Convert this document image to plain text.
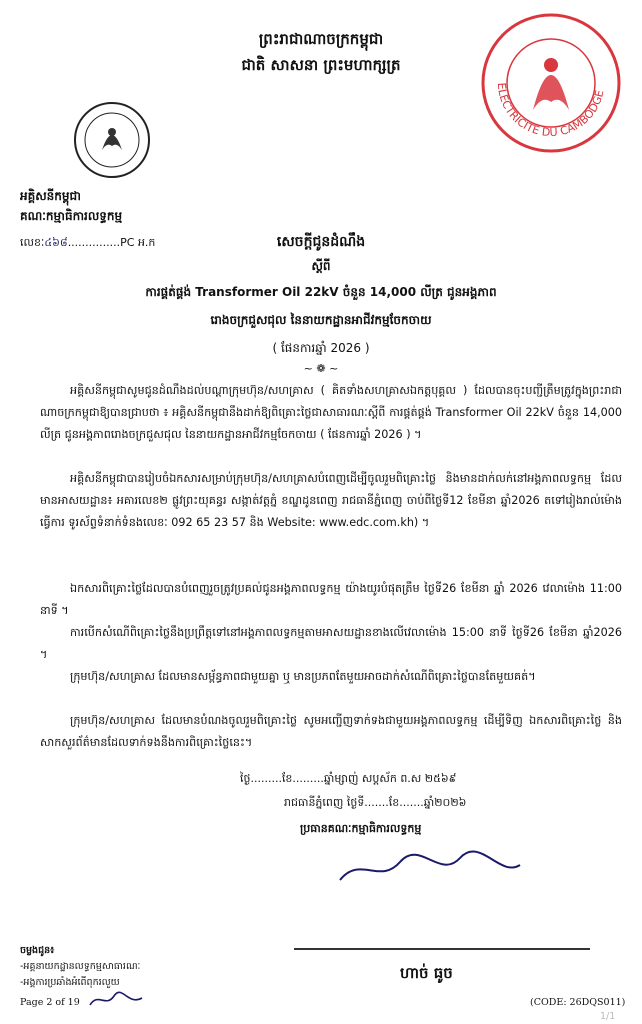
ព្រះរាជាណាចក្រកម្ពុជា
ជាតិ សាសនា ព្រះមហាក្សត្រ
ELECTRICITE DU CAMBODGE
អគ្គិសនីកម្ពុជា
គណៈកម្មាធិការលទ្ធកម្ម
លេខៈ៤៦៨...............PC អ.ក	សេចក្តីជូនដំណឹង
ស្តីពី
ការផ្គត់ផ្គង់ Transformer Oil 22kV ចំនួន 14,000 លីត្រ ជូនអង្គភាព
រោងចក្រជួសជុល នៃនាយកដ្ឋានអាជីវកម្មចែកចាយ
( ផែនការឆ្នាំ 2026 )
~ ❁ ~
អគ្គិសនីកម្ពុជាសូមជូនដំណឹងដល់បណ្តាក្រុមហ៊ុន/សហគ្រាស ( គិតទាំងសហគ្រាសឯកត្តបុគ្គល ) ដែលបានចុះបញ្ជីត្រឹមត្រូវក្នុងព្រះរាជាណាចក្រកម្ពុជាឱ្យបានជ្រាបថា ៖ អគ្គិសនីកម្ពុជានឹងដាក់ឱ្យពិគ្រោះថ្លៃជាសាធារណៈស្តីពី ការផ្គត់ផ្គង់ Transformer Oil 22kV ចំនួន 14,000 លីត្រ ជូនអង្គភាពរោងចក្រជួសជុល នៃនាយកដ្ឋានអាជីវកម្មចែកចាយ ( ផែនការឆ្នាំ 2026 ) ។
អគ្គិសនីកម្ពុជាបានរៀបចំឯកសារសម្រាប់ក្រុមហ៊ុន/សហគ្រាសបំពេញដើម្បីចូលរួមពិគ្រោះថ្លៃ និងមានដាក់លក់នៅអង្គភាពលទ្ធកម្ម ដែលមានអាសយដ្ឋាន៖ អគារលេខ២ ផ្លូវព្រះយុគន្ធរ សង្កាត់វត្តភ្នំ ខណ្ឌដូនពេញ រាជធានីភ្នំពេញ ចាប់ពីថ្ងៃទី12 ខែមីនា ឆ្នាំ2026 តទៅរៀងរាល់ម៉ោងធ្វើការ ទូរស័ព្ទទំនាក់ទំនងលេខៈ 092 65 23 57 និង Website: www.edc.com.kh) ។
ឯកសារពិគ្រោះថ្លៃដែលបានបំពេញរួចត្រូវប្រគល់ជូនអង្គភាពលទ្ធកម្ម យ៉ាងយូរបំផុតត្រឹម ថ្ងៃទី26 ខែមីនា ឆ្នាំ 2026 វេលាម៉ោង 11:00 នាទី ។
ការបើកសំណើពិគ្រោះថ្លៃនឹងប្រព្រឹត្តទៅនៅអង្គភាពលទ្ធកម្មតាមអាសយដ្ឋានខាងលើវេលាម៉ោង 15:00 នាទី ថ្ងៃទី26 ខែមីនា ឆ្នាំ2026 ។
ក្រុមហ៊ុន/សហគ្រាស ដែលមានសម្ព័ន្ធភាពជាមួយគ្នា ឬ មានប្រភពតែមួយអាចដាក់សំណើពិគ្រោះថ្លៃបានតែមួយគត់។
ក្រុមហ៊ុន/សហគ្រាស ដែលមានបំណងចូលរួមពិគ្រោះថ្លៃ សូមអញ្ជើញទាក់ទងជាមួយអង្គភាពលទ្ធកម្ម ដើម្បីទិញ ឯកសារពិគ្រោះថ្លៃ និងសាកសួរព័ត៌មានដែលទាក់ទងនឹងការពិគ្រោះថ្លៃនេះ។
ថ្ងៃ.........ខែ.........ឆ្នាំម្សាញ់ សប្តស័ក ព.ស ២៥៦៩
រាជធានីភ្នំពេញ ថ្ងៃទី.......ខែ.......ឆ្នាំ២០២៦
ប្រធានគណៈកម្មាធិការលទ្ធកម្ម
ហាច់ ធូច
ចម្លងជូន៖
-អគ្គនាយកដ្ឋានលទ្ធកម្មសាធារណៈ
-អង្គការប្រឆាំងអំពើពុករលួយ
Page 2 of 19	(CODE: 26DQS011)
1/1
